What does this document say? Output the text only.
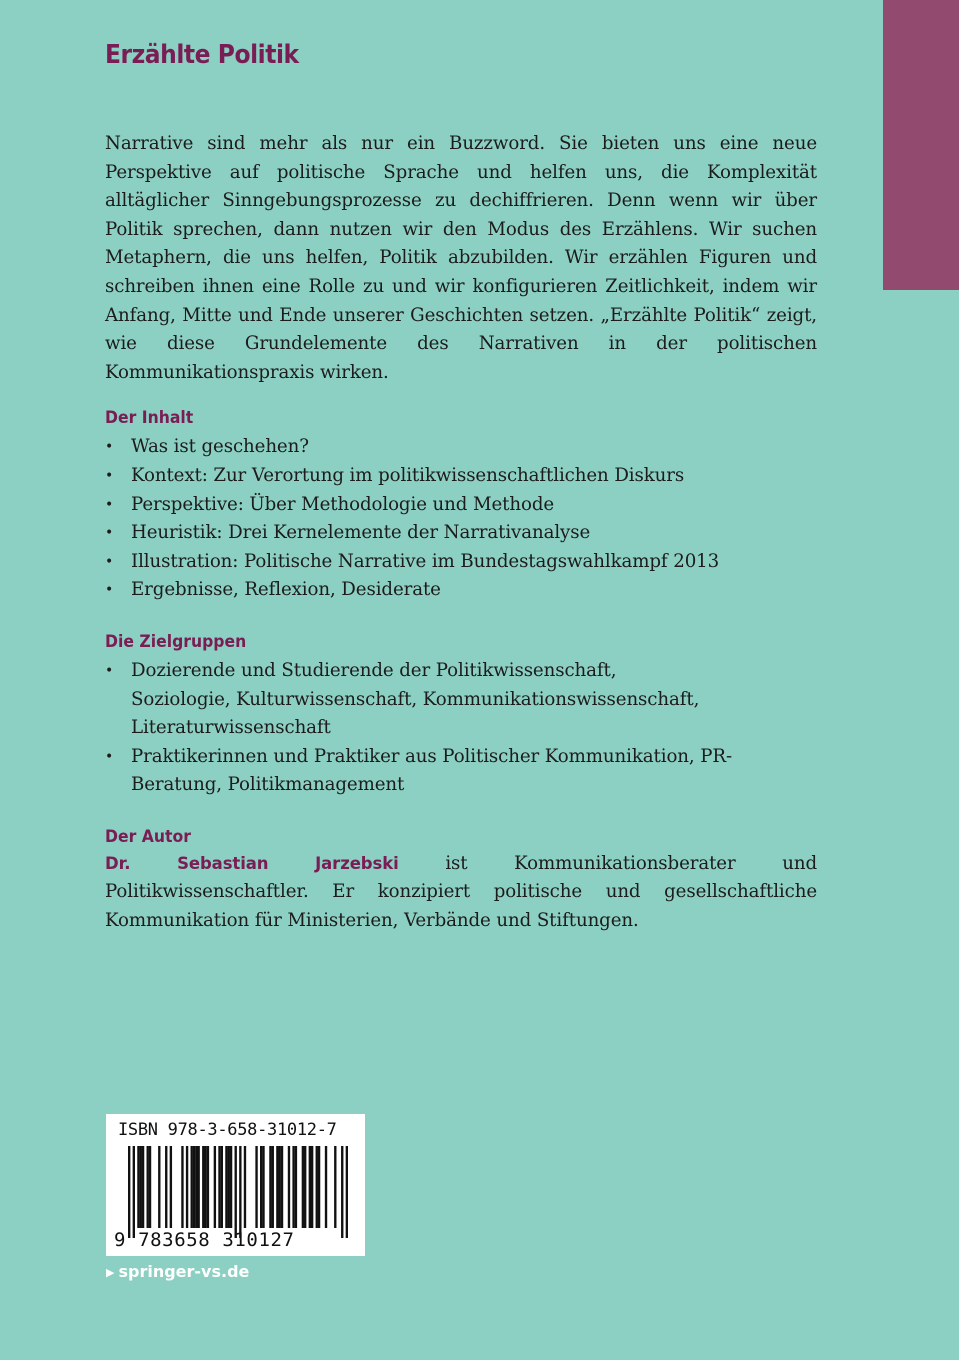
Erzählte Politik

Narrative sind mehr als nur ein Buzzword. Sie bieten uns eine neue Perspektive auf politische Sprache und helfen uns, die Komplexität alltäglicher Sinngebungsprozesse zu dechiffrieren. Denn wenn wir über Politik sprechen, dann nutzen wir den Modus des Erzählens. Wir suchen Metaphern, die uns helfen, Politik abzubilden. Wir erzählen Figuren und schreiben ihnen eine Rolle zu und wir konfigurieren Zeitlichkeit, indem wir Anfang, Mitte und Ende unserer Geschichten setzen. „Erzählte Politik“ zeigt, wie diese Grundelemente des Narrativen in der politischen Kommunikationspraxis wirken.

Der Inhalt
• Was ist geschehen?
• Kontext: Zur Verortung im politikwissenschaftlichen Diskurs
• Perspektive: Über Methodologie und Methode
• Heuristik: Drei Kernelemente der Narrativanalyse
• Illustration: Politische Narrative im Bundestagswahlkampf 2013
• Ergebnisse, Reflexion, Desiderate
Die Zielgruppen
• Dozierende und Studierende der Politikwissenschaft,
Soziologie, Kulturwissenschaft, Kommunikationswissenschaft,
Literaturwissenschaft
• Praktikerinnen und Praktiker aus Politischer Kommunikation, PR-
Beratung, Politikmanagement
Der Autor

Dr. Sebastian Jarzebski ist Kommunikationsberater und Politikwissenschaftler. Er konzipiert politische und gesellschaftliche Kommunikation für Ministerien, Verbände und Stiftungen.

ISBN 978-3-658-31012-7
9 783658 310127
▶ springer-vs.de
